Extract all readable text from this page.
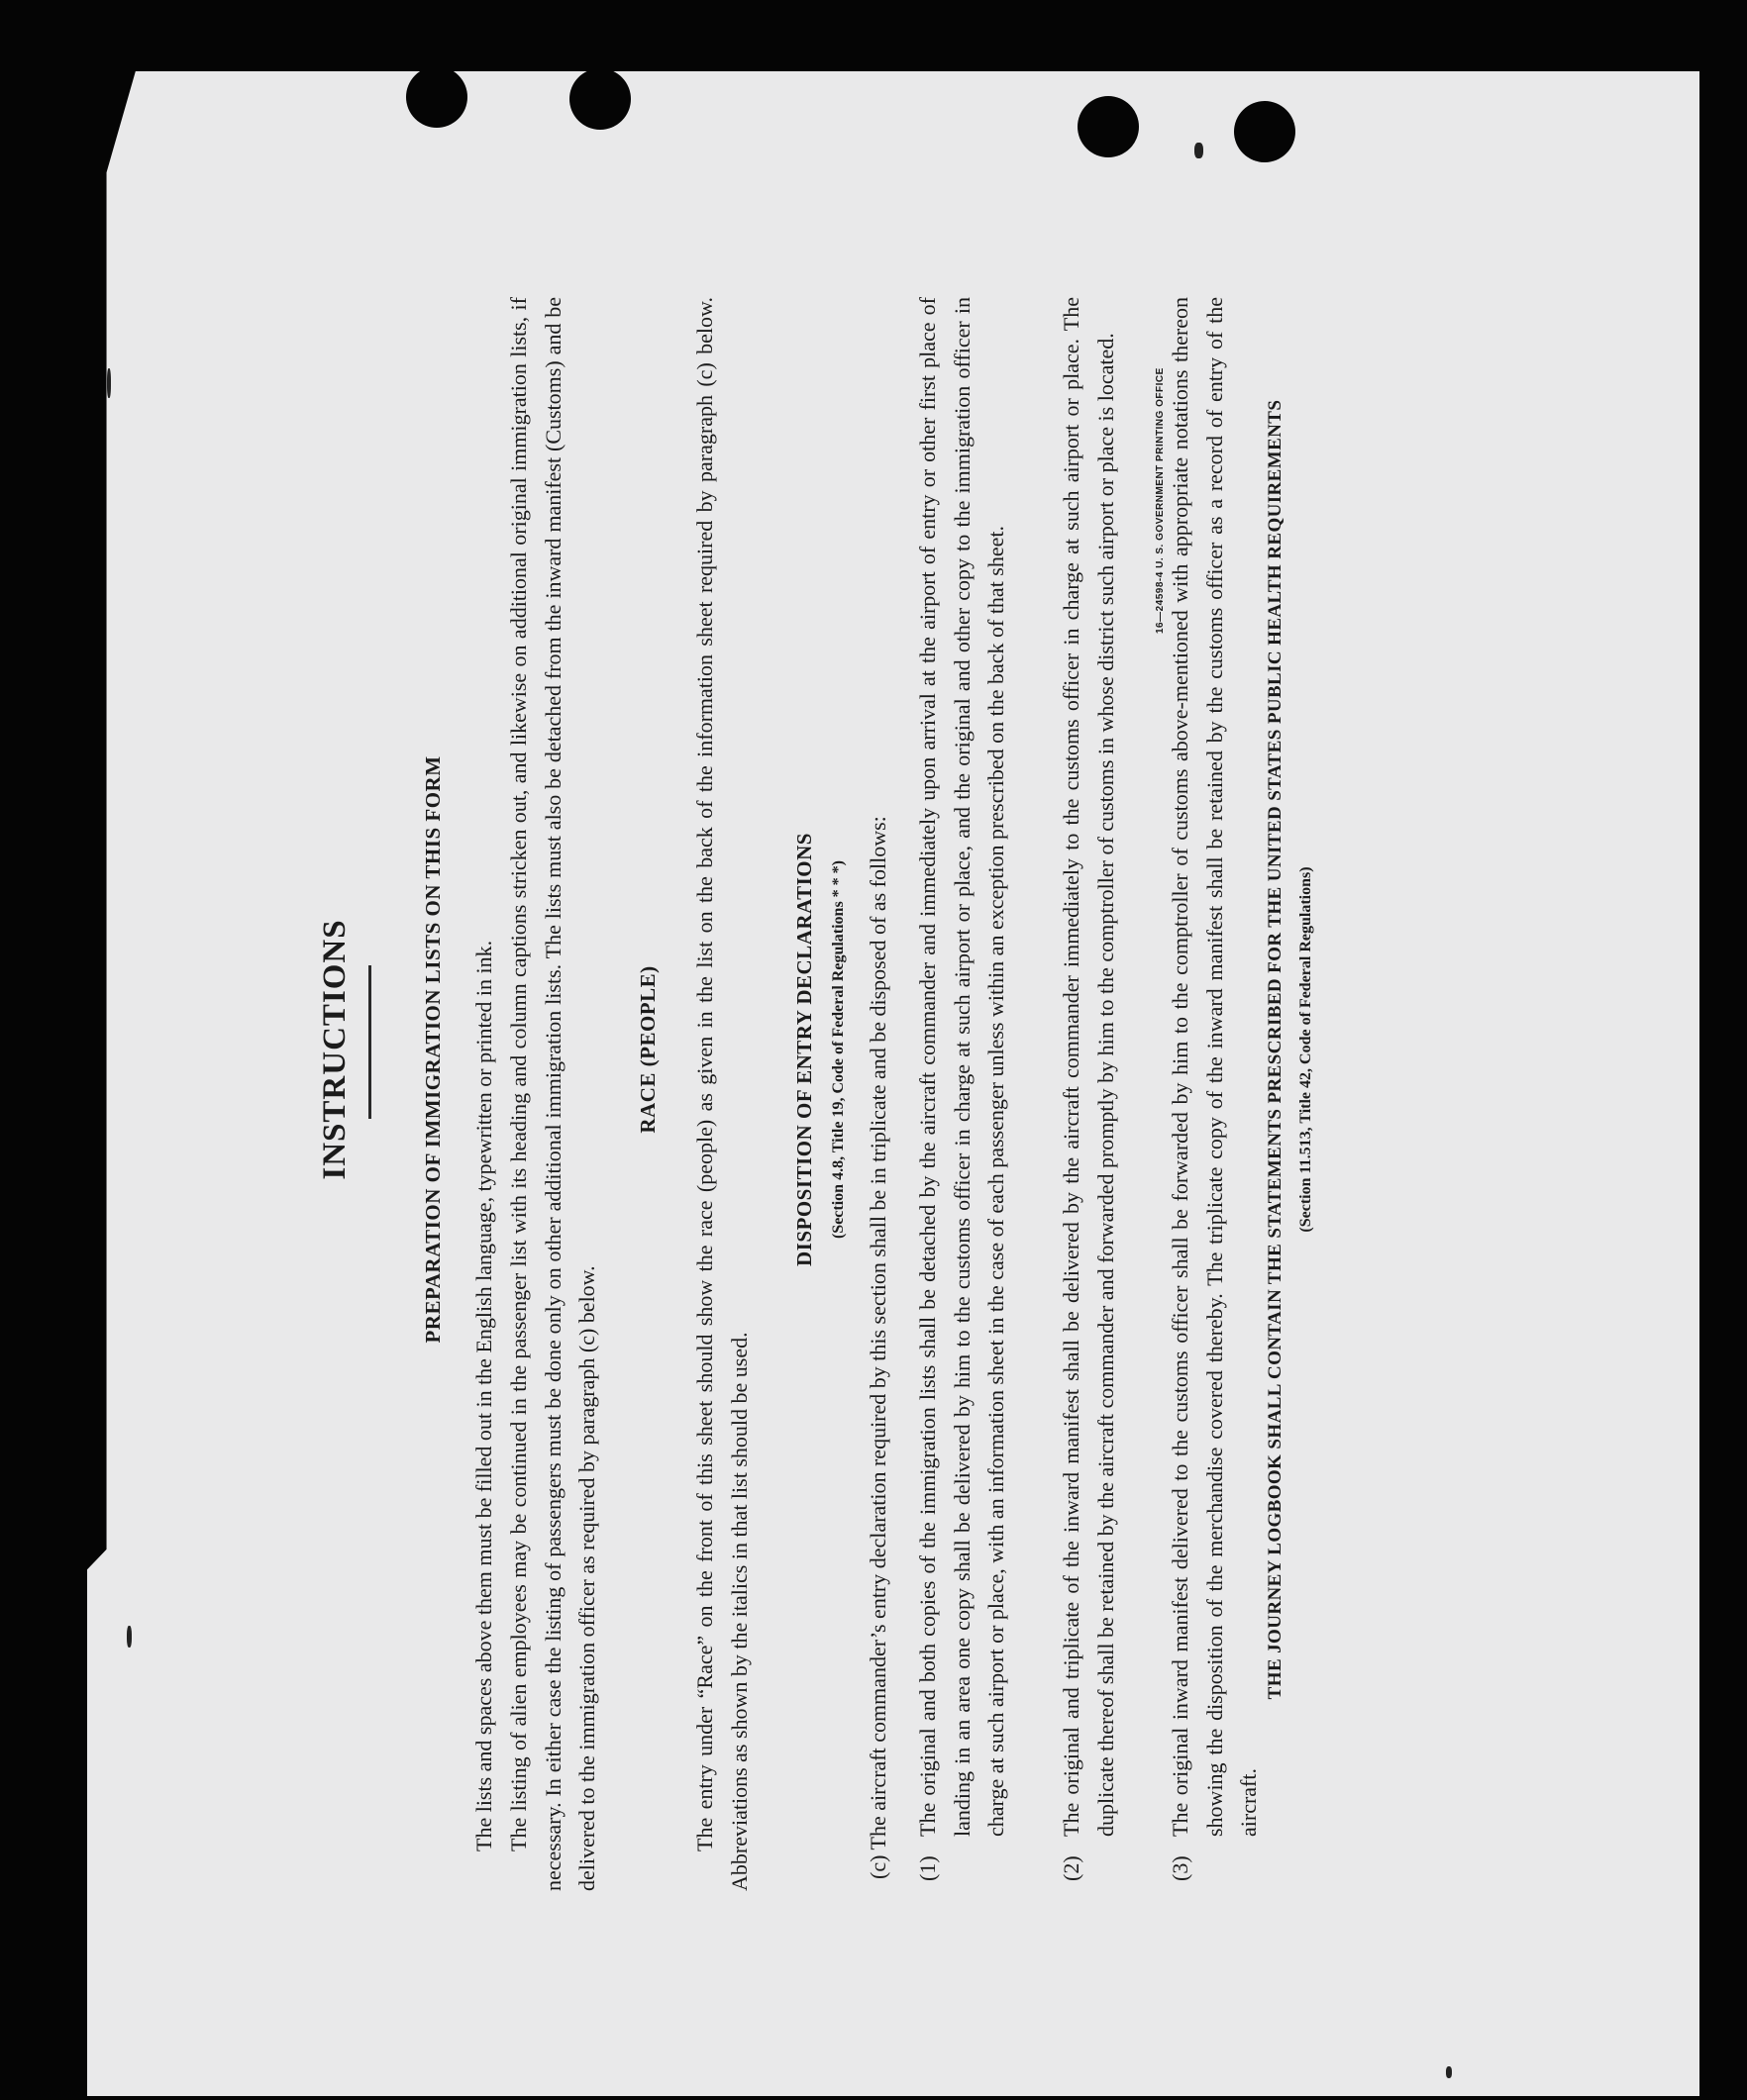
INSTRUCTIONS	PREPARATION OF IMMIGRATION LISTS ON THIS FORM The lists and spaces above them must be filled out in the English language, typewritten or printed in ink. The listing of alien employees may be continued in the passenger list with its heading and column captions stricken out, and likewise on additional original immigration lists, if necessary. In either case the listing of passengers must be done only on other additional immigration lists. The lists must also be detached from the inward manifest (Customs) and be delivered to the immigration officer as required by paragraph (c) below.
RACE (PEOPLE) The entry under “Race” on the front of this sheet should show the race (people) as given in the list on the back of the information sheet required by paragraph (c) below. Abbreviations as shown by the italics in that list should be used.
DISPOSITION OF ENTRY DECLARATIONS (Section 4.8, Title 19, Code of Federal Regulations * * *) (c) The aircraft commander’s entry declaration required by this section shall be in triplicate and be disposed of as follows: (1)
The original and both copies of the immigration lists shall be detached by the aircraft commander and immediately upon arrival at the airport of entry or other first place of landing in an area one copy shall be delivered by him to the customs officer in charge at such airport or place, and the original and other copy to the immigration officer in charge at such airport or place, with an information sheet in the case of each passenger unless within an exception prescribed on the back of that sheet.
(2)
The original and triplicate of the inward manifest shall be delivered by the aircraft commander immediately to the customs officer in charge at such airport or place. The duplicate thereof shall be retained by the aircraft commander and forwarded promptly by him to the comptroller of customs in whose district such airport or place is located.
(3)
The original inward manifest delivered to the customs officer shall be forwarded by him to the comptroller of customs above-mentioned with appropriate notations thereon showing the disposition of the merchandise covered thereby. The triplicate copy of the inward manifest shall be retained by the customs officer as a record of entry of the aircraft.
THE JOURNEY LOGBOOK SHALL CONTAIN THE STATEMENTS PRESCRIBED FOR THE UNITED STATES PUBLIC HEALTH REQUIREMENTS (Section 11.513, Title 42, Code of Federal Regulations)
16—24598-4 U. S. GOVERNMENT PRINTING OFFICE
